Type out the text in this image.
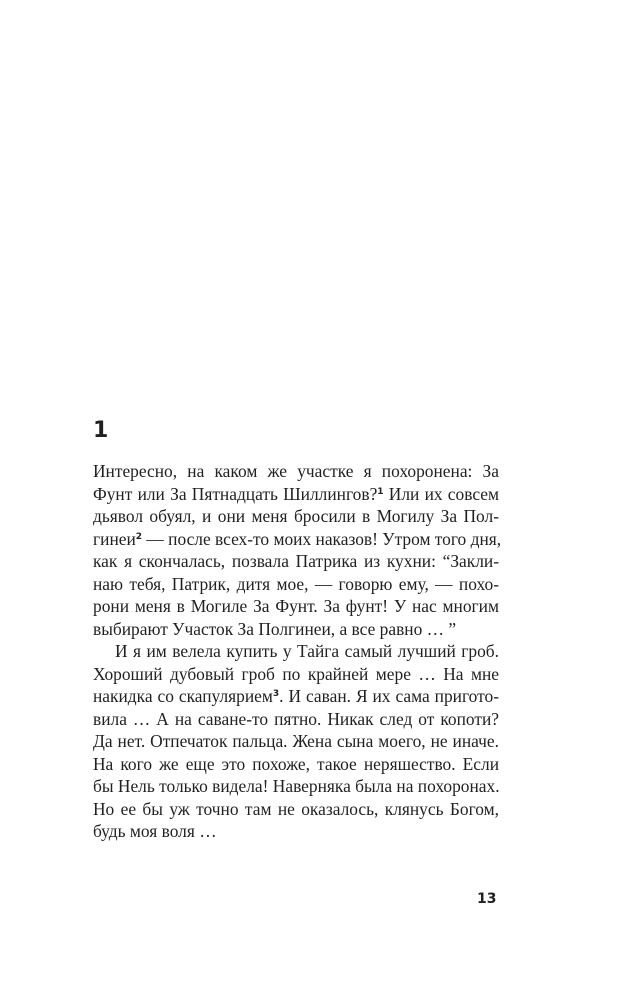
1

Интересно, на каком же участке я похоронена: За
Фунт или За Пятнадцать Шиллингов?$^1$ Или их совсем
дьявол обуял, и они меня бросили в Могилу За Пол-
гинеи$^2$ — после всех-то моих наказов! Утром того дня,
как я скончалась, позвала Патрика из кухни: “Закли-
наю тебя, Патрик, дитя мое, — говорю ему, — похо-
рони меня в Могиле За Фунт. За фунт! У нас многим
выбирают Участок За Полгинеи, а все равно … ”

И я им велела купить у Тайга самый лучший гроб.
Хороший дубовый гроб по крайней мере … На мне
накидка со скапулярием$^3$. И саван. Я их сама пригото-
вила … А на саване-то пятно. Никак след от копоти?
Да нет. Отпечаток пальца. Жена сына моего, не иначе.
На кого же еще это похоже, такое неряшество. Если
бы Нель только видела! Наверняка была на похоронах.
Но ее бы уж точно там не оказалось, клянусь Богом,
будь моя воля …

13
